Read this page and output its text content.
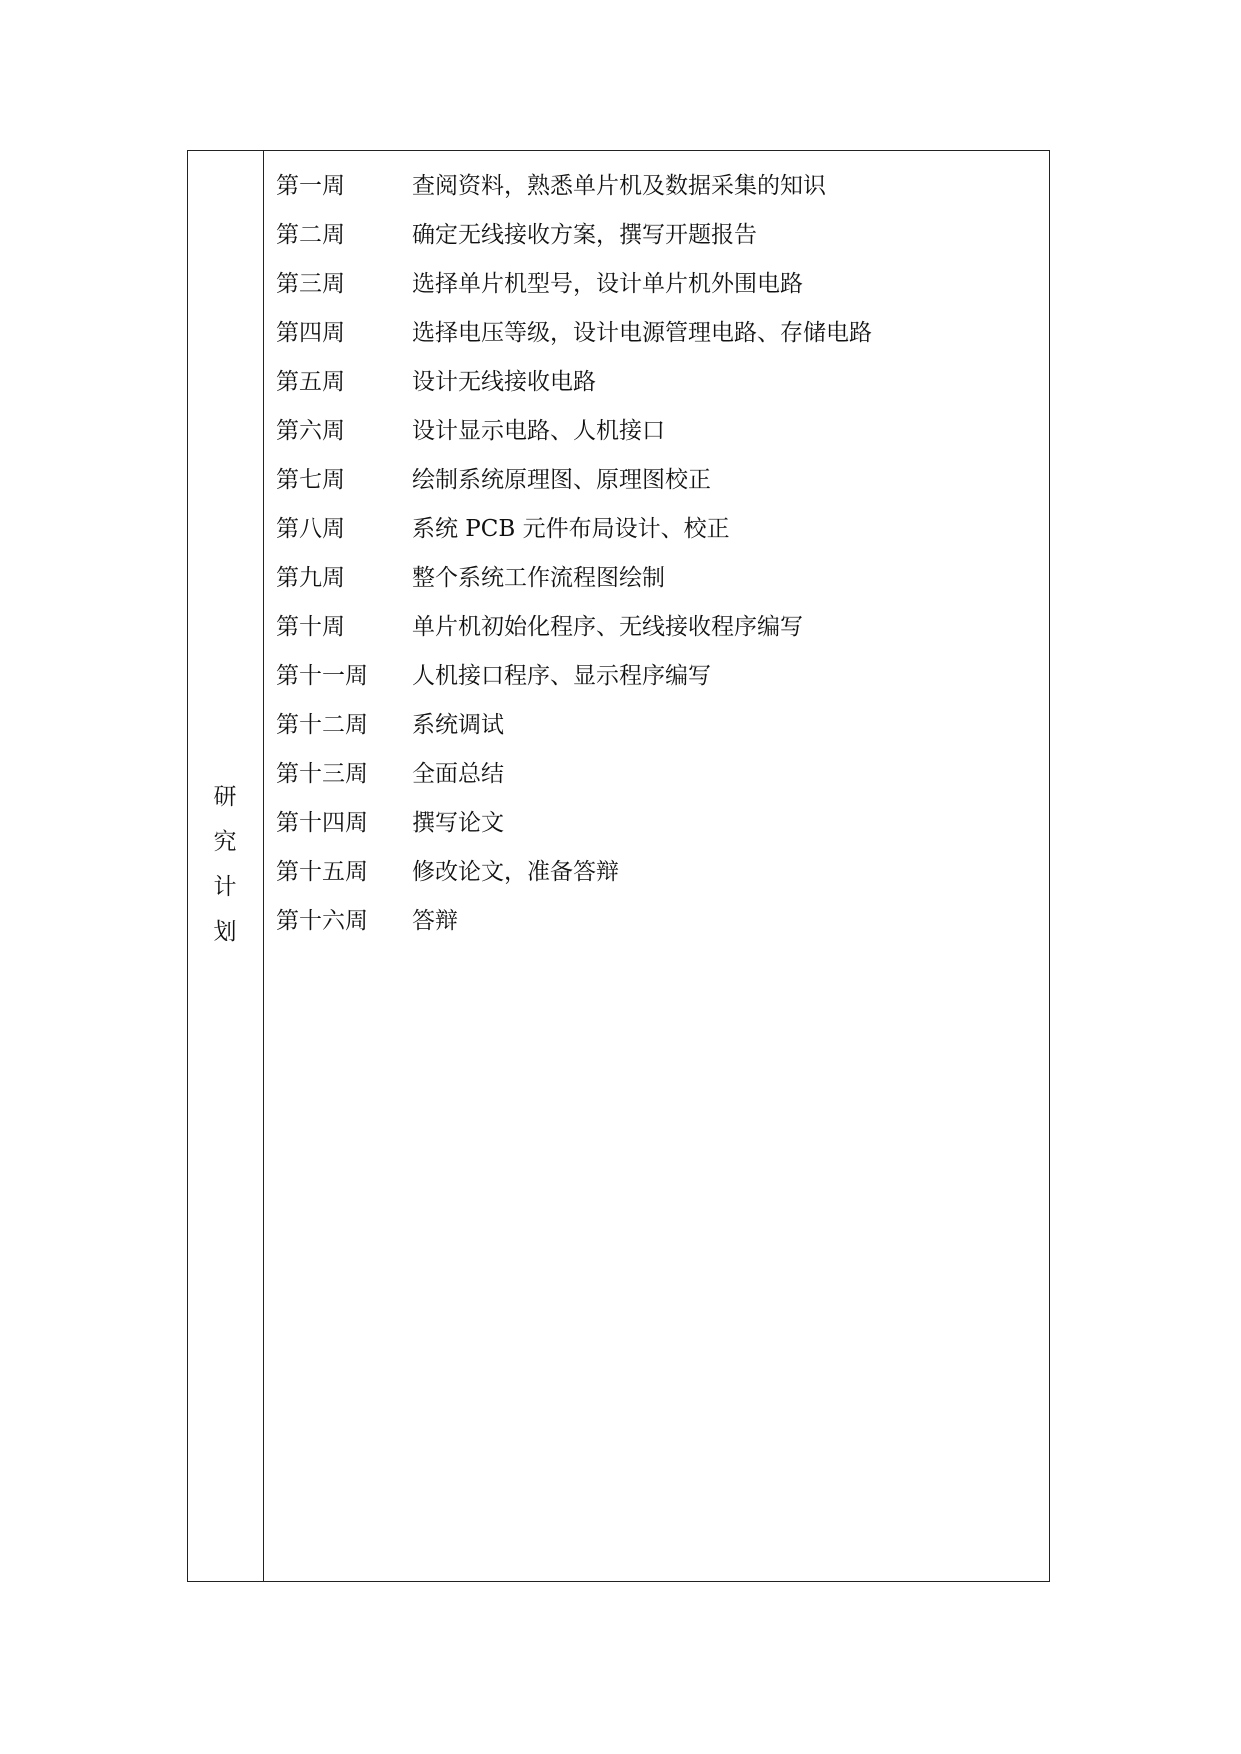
研
究
计
划
第一周	查阅资料，熟悉单片机及数据采集的知识
第二周	确定无线接收方案，撰写开题报告
第三周	选择单片机型号，设计单片机外围电路
第四周	选择电压等级，设计电源管理电路、存储电路
第五周	设计无线接收电路
第六周	设计显示电路、人机接口
第七周	绘制系统原理图、原理图校正
第八周	系统 PCB 元件布局设计、校正
第九周	整个系统工作流程图绘制
第十周	单片机初始化程序、无线接收程序编写
第十一周	人机接口程序、显示程序编写
第十二周	系统调试
第十三周	全面总结
第十四周	撰写论文
第十五周	修改论文，准备答辩
第十六周	答辩
